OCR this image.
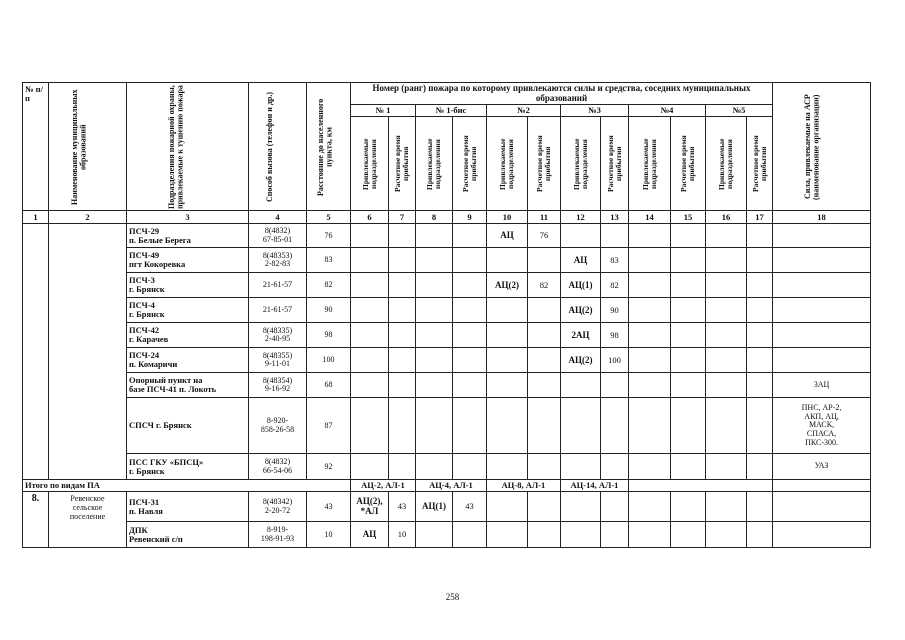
№ п/п	Наименование муниципальных образований	Подразделения пожарной охраны, привлекаемые к тушению пожара	Способ вызова (телефон и др.)	Расстояние до населенного пункта, км	Номер (ранг) пожара по которому привлекаются силы и средства, соседних муниципальных образований												Сила, привлекаемые на АСР (наименование организации)

					№ 1		№ 1-бис		№2		№3		№4		№5		

					Привлекаемые подразделения	Расчетное время прибытия	Привлекаемые подразделения	Расчетное время прибытия	Привлекаемые подразделения	Расчетное время прибытия	Привлекаемые подразделения	Расчетное время прибытия	Привлекаемые подразделения	Расчетное время прибытия	Привлекаемые подразделения	Расчетное время прибытия	

1	2	3	4	5	6	7	8	9	10	11	12	13	14	15	16	17	18
		ПСЧ-29
п. Белые Берега	8(4832)
67-85-01	76					АЦ	76							
		ПСЧ-49
пгт Кокоревка	8(48353)
2-82-83	83							АЦ	83					
		ПСЧ-3
г. Брянск	21-61-57	82					АЦ(2)	82	АЦ(1)	82					
		ПСЧ-4
г. Брянск	21-61-57	90							АЦ(2)	90					
		ПСЧ-42
г. Карачев	8(48335)
2-40-95	98							2АЦ	98					
		ПСЧ-24
п. Комаричи	8(48355)
9-11-01	100							АЦ(2)	100					
		Опорный пункт на
базе ПСЧ-41 п. Локоть	8(48354)
9-16-92	68													3АЦ
		СПСЧ г. Брянск	8-920-
858-26-58	87													ПНС, АР-2,
АКП, АЦ,
МАСК,
СПАСА,
ПКС-300.
		ПСС ГКУ «БПСЦ»
г. Брянск	8(4832)
66-54-06	92													УАЗ
Итого по видам ПА					АЦ-2, АЛ-1		АЦ-4, АЛ-1		АЦ-8, АЛ-1		АЦ-14, АЛ-1						
8.	Ревенское
сельское
поселение	ПСЧ-31
п. Навля	8(48342)
2-20-72	43	АЦ(2),
*АЛ	43	АЦ(1)	43									
		ДПК
Ревенский с/п	8-919-
198-91-93	10	АЦ	10											
258
